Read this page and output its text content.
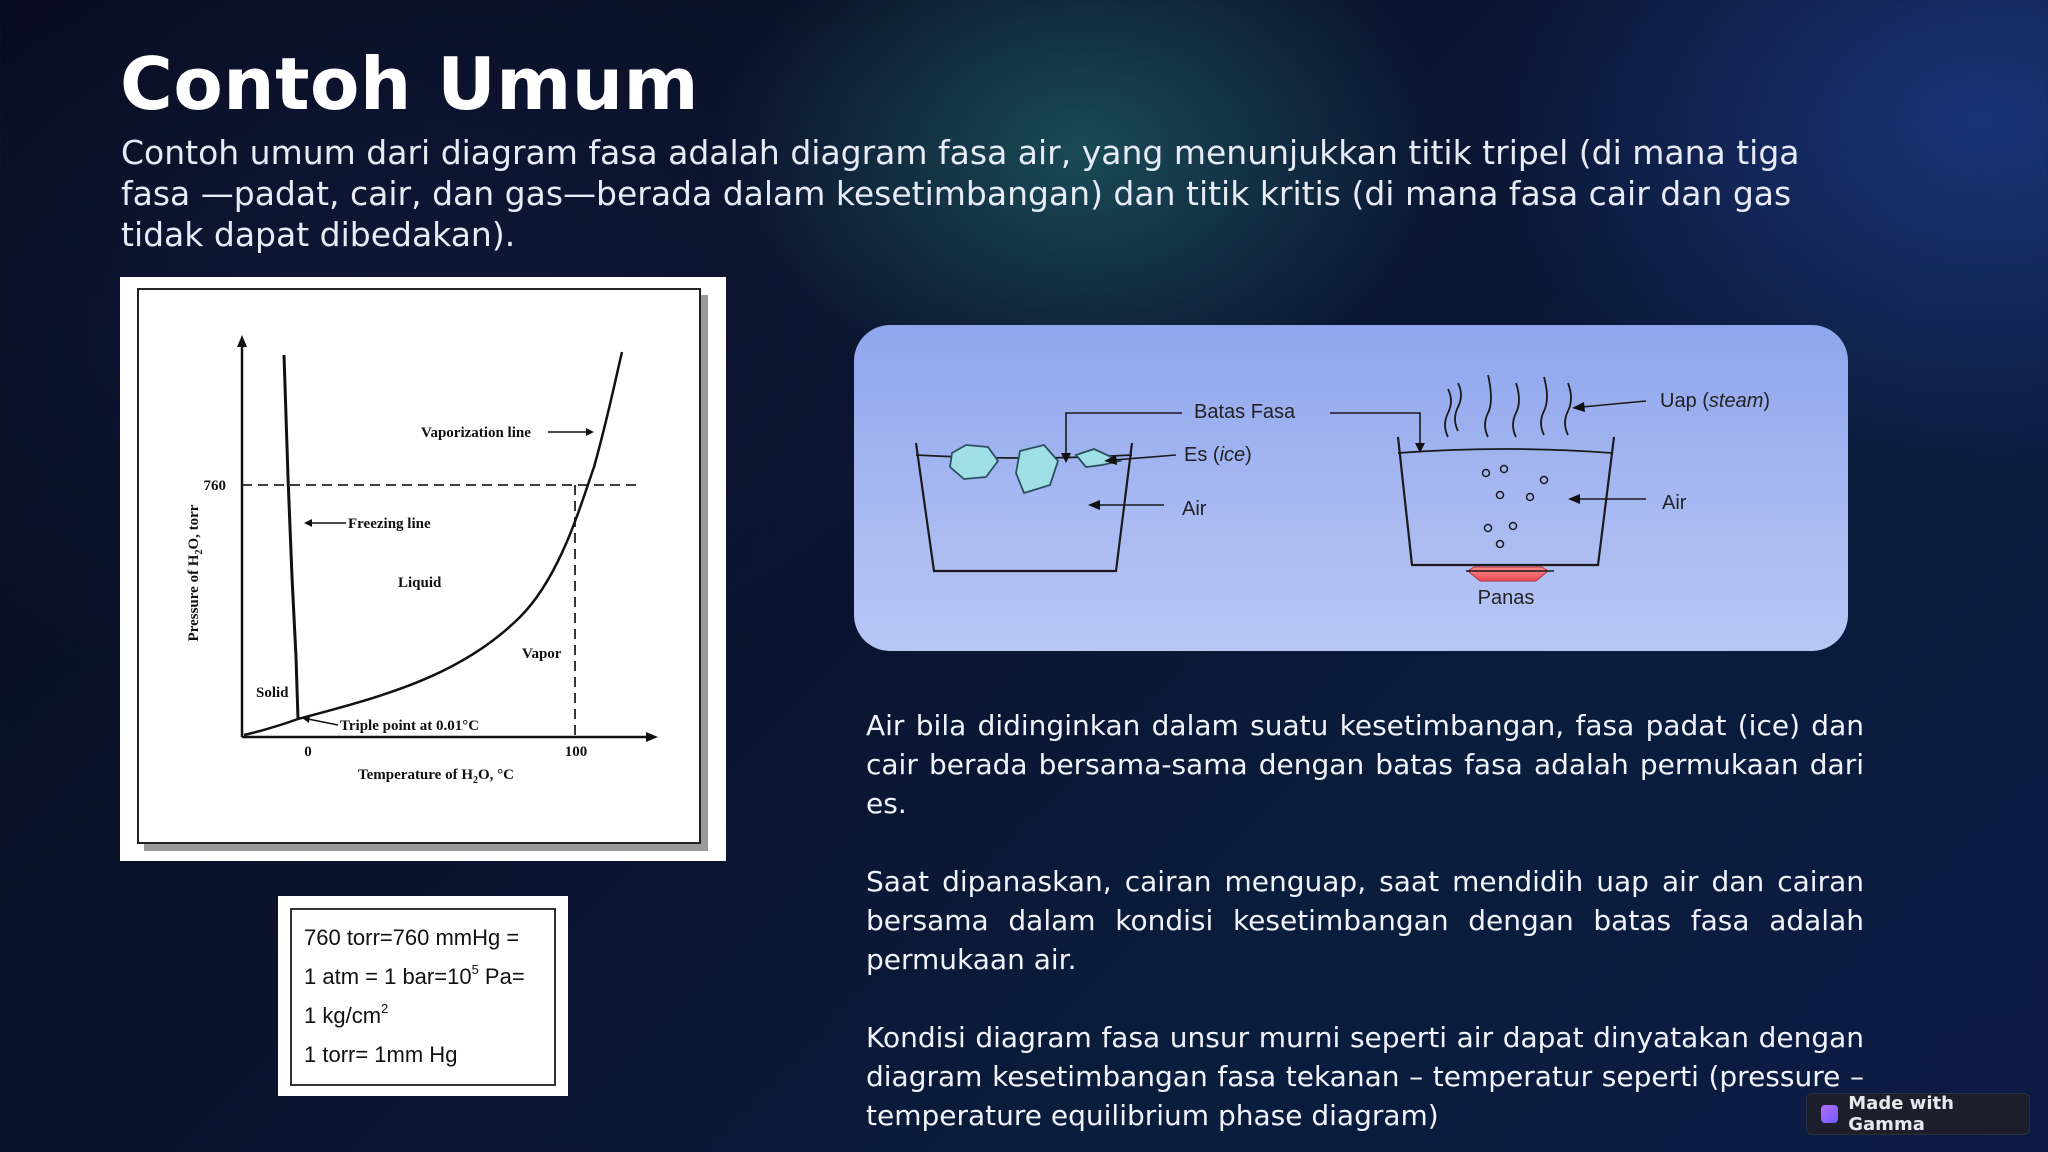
Contoh Umum

Contoh umum dari diagram fasa adalah diagram fasa air, yang menunjukkan titik tripel (di mana tiga fasa —padat, cair, dan gas—berada dalam kesetimbangan) dan titik kritis (di mana fasa cair dan gas tidak dapat dibedakan).

760
0	100
Vaporization line
Freezing line
Liquid
Vapor
Solid
Triple point at 0.01°C
Temperature of $H_2O$, °C
Pressure of $H_2O$, torr
760 torr=760 mmHg =
1 atm = 1 $bar=10^5$ Pa=
1 $kg/cm^2$
1 torr= 1mm Hg
Batas Fasa
Es (ice)
Air
Uap (steam)
Air
Panas

Air bila didinginkan dalam suatu kesetimbangan, fasa padat (ice) dan cair berada bersama-sama dengan batas fasa adalah permukaan dari es.

Saat dipanaskan, cairan menguap, saat mendidih uap air dan cairan bersama dalam kondisi kesetimbangan dengan batas fasa adalah permukaan air.

Kondisi diagram fasa unsur murni seperti air dapat dinyatakan dengan diagram kesetimbangan fasa tekanan – temperatur seperti (pressure – temperature equilibrium phase diagram)	Made with Gamma
